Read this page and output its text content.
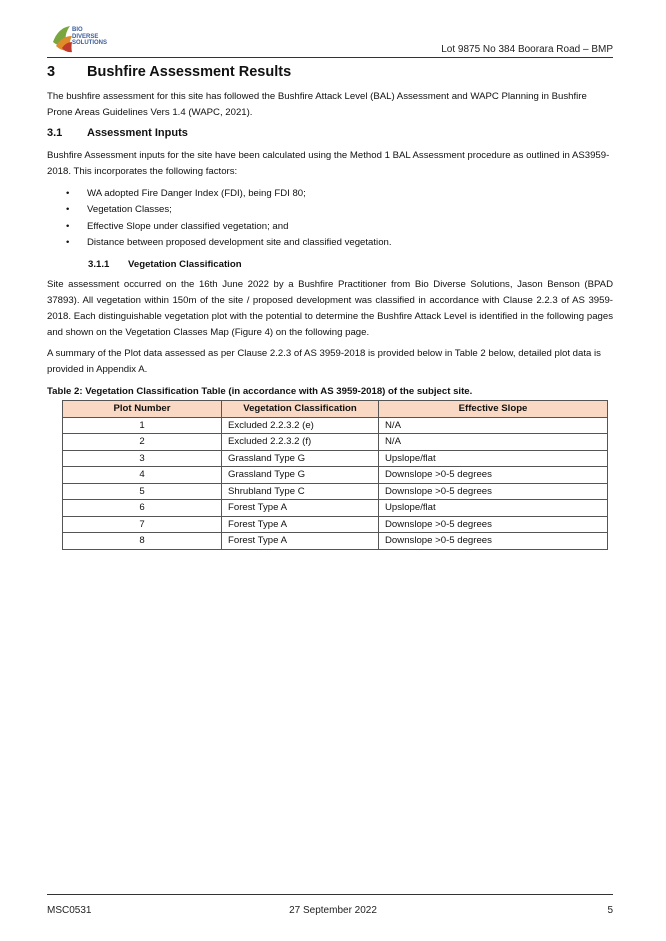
BIO
DIVERSE
SOLUTIONS
Lot 9875 No 384 Boorara Road – BMP
3 Bushfire Assessment Results
The bushfire assessment for this site has followed the Bushfire Attack Level (BAL) Assessment and WAPC Planning in Bushfire Prone Areas Guidelines Vers 1.4 (WAPC, 2021).
3.1 Assessment Inputs
Bushfire Assessment inputs for the site have been calculated using the Method 1 BAL Assessment procedure as outlined in AS3959-2018. This incorporates the following factors:
• WA adopted Fire Danger Index (FDI), being FDI 80;
• Vegetation Classes;
• Effective Slope under classified vegetation; and
• Distance between proposed development site and classified vegetation.
3.1.1 Vegetation Classification
Site assessment occurred on the 16th June 2022 by a Bushfire Practitioner from Bio Diverse Solutions, Jason Benson (BPAD 37893). All vegetation within 150m of the site / proposed development was classified in accordance with Clause 2.2.3 of AS 3959-2018. Each distinguishable vegetation plot with the potential to determine the Bushfire Attack Level is identified in the following pages and shown on the Vegetation Classes Map (Figure 4) on the following page.
A summary of the Plot data assessed as per Clause 2.2.3 of AS 3959-2018 is provided below in Table 2 below, detailed plot data is provided in Appendix A.
Table 2: Vegetation Classification Table (in accordance with AS 3959-2018) of the subject site.
Plot Number	Vegetation Classification	Effective Slope
1	Excluded 2.2.3.2 (e)	N/A
2	Excluded 2.2.3.2 (f)	N/A
3	Grassland Type G	Upslope/flat
4	Grassland Type G	Downslope >0-5 degrees
5	Shrubland Type C	Downslope >0-5 degrees
6	Forest Type A	Upslope/flat
7	Forest Type A	Downslope >0-5 degrees
8	Forest Type A	Downslope >0-5 degrees
MSC0531	27 September 2022	5
